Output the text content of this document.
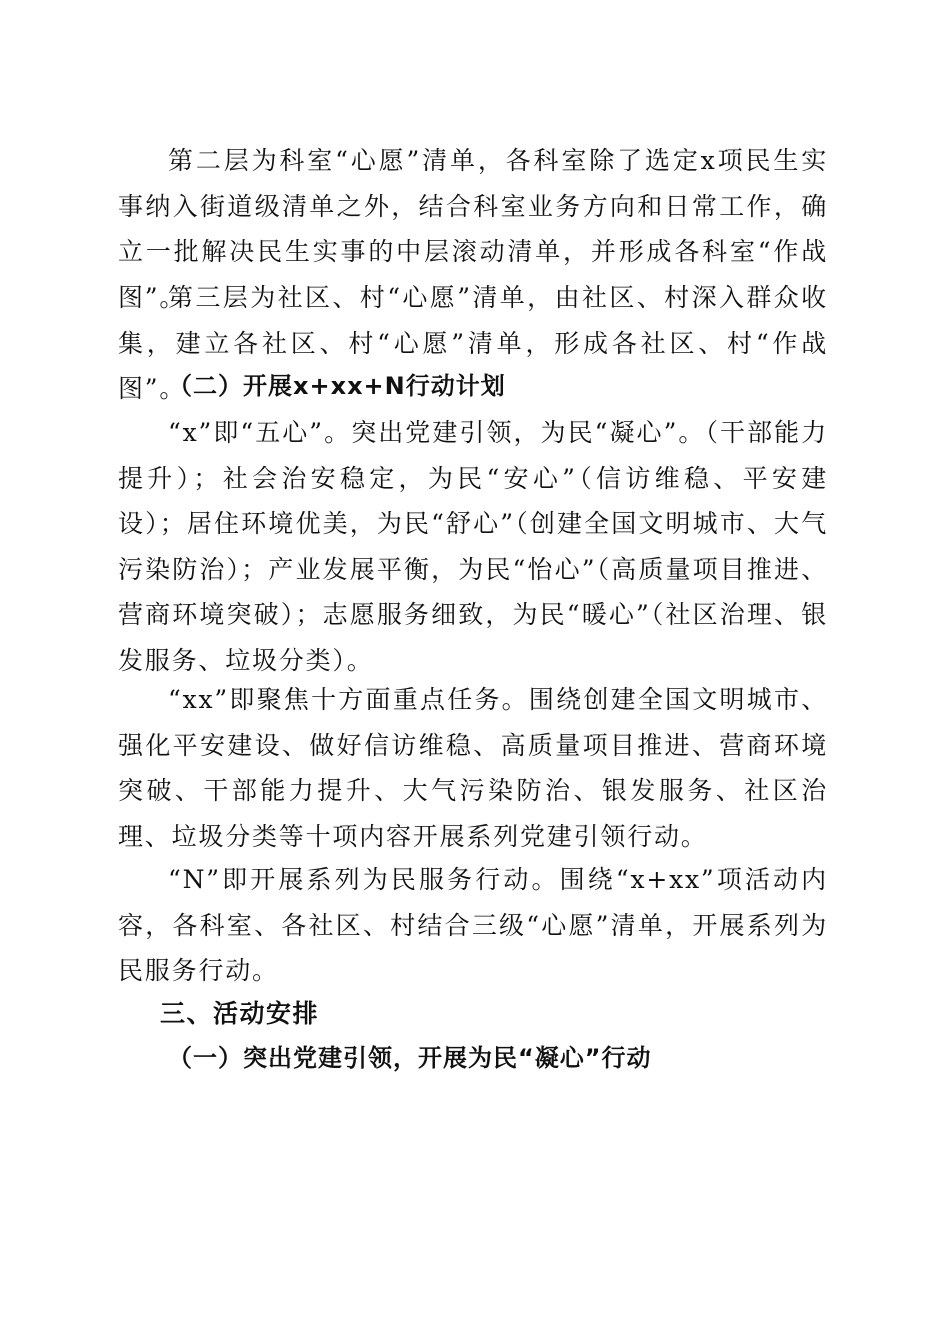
第二层为科室“心愿”清单，各科室除了选定x项民生实事纳入街道级清单之外，结合科室业务方向和日常工作，确立一批解决民生实事的中层滚动清单，并形成各科室“作战图”。

第三层为社区、村“心愿”清单，由社区、村深入群众收集，建立各社区、村“心愿”清单，形成各社区、村“作战图”。

（二）开展x+xx+N行动计划

“x”即“五心”。突出党建引领，为民“凝心”。（干部能力提升）；社会治安稳定，为民“安心”（信访维稳、平安建设）；居住环境优美，为民“舒心”（创建全国文明城市、大气污染防治）；产业发展平衡，为民“怡心”（高质量项目推进、营商环境突破）；志愿服务细致，为民“暖心”（社区治理、银发服务、垃圾分类）。

“xx”即聚焦十方面重点任务。围绕创建全国文明城市、强化平安建设、做好信访维稳、高质量项目推进、营商环境突破、干部能力提升、大气污染防治、银发服务、社区治理、垃圾分类等十项内容开展系列党建引领行动。

“N”即开展系列为民服务行动。围绕“x+xx”项活动内容，各科室、各社区、村结合三级“心愿”清单，开展系列为民服务行动。

三、活动安排
（一）突出党建引领，开展为民“凝心”行动
